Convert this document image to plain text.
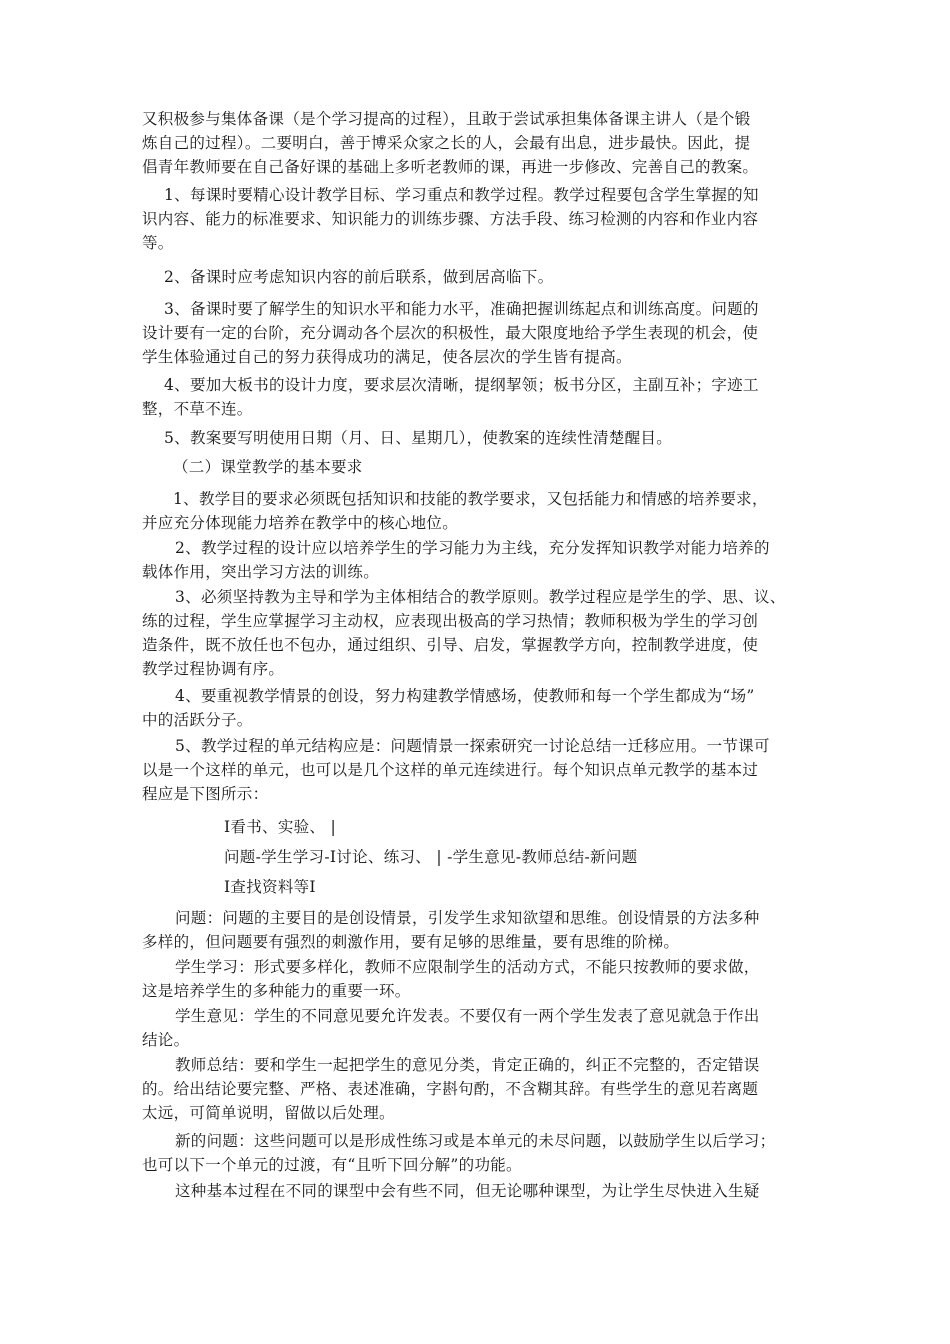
又积极参与集体备课（是个学习提高的过程），且敢于尝试承担集体备课主讲人（是个锻
炼自己的过程）。二要明白，善于博采众家之长的人，会最有出息，进步最快。因此，提
倡青年教师要在自己备好课的基础上多听老教师的课，再进一步修改、完善自己的教案。
1、每课时要精心设计教学目标、学习重点和教学过程。教学过程要包含学生掌握的知
识内容、能力的标准要求、知识能力的训练步骤、方法手段、练习检测的内容和作业内容
等。
2、备课时应考虑知识内容的前后联系，做到居高临下。
3、备课时要了解学生的知识水平和能力水平，准确把握训练起点和训练高度。问题的
设计要有一定的台阶，充分调动各个层次的积极性，最大限度地给予学生表现的机会，使
学生体验通过自己的努力获得成功的满足，使各层次的学生皆有提高。
4、要加大板书的设计力度，要求层次清晰，提纲挈领；板书分区，主副互补；字迹工
整，不草不连。
5、教案要写明使用日期（月、日、星期几），使教案的连续性清楚醒目。
（二）课堂教学的基本要求
1、教学目的要求必须既包括知识和技能的教学要求，又包括能力和情感的培养要求，
并应充分体现能力培养在教学中的核心地位。
2、教学过程的设计应以培养学生的学习能力为主线，充分发挥知识教学对能力培养的
载体作用，突出学习方法的训练。
3、必须坚持教为主导和学为主体相结合的教学原则。教学过程应是学生的学、思、议、
练的过程，学生应掌握学习主动权，应表现出极高的学习热情；教师积极为学生的学习创
造条件，既不放任也不包办，通过组织、引导、启发，掌握教学方向，控制教学进度，使
教学过程协调有序。
4、要重视教学情景的创设，努力构建教学情感场，使教师和每一个学生都成为“场”
中的活跃分子。
5、教学过程的单元结构应是：问题情景一探索研究一讨论总结一迁移应用。一节课可
以是一个这样的单元，也可以是几个这样的单元连续进行。每个知识点单元教学的基本过
程应是下图所示：
I看书、实验、 |
问题-学生学习-I讨论、练习、 | -学生意见-教师总结-新问题
I查找资料等I
问题：问题的主要目的是创设情景，引发学生求知欲望和思维。创设情景的方法多种
多样的，但问题要有强烈的刺激作用，要有足够的思维量，要有思维的阶梯。
学生学习：形式要多样化，教师不应限制学生的活动方式，不能只按教师的要求做，
这是培养学生的多种能力的重要一环。
学生意见：学生的不同意见要允许发表。不要仅有一两个学生发表了意见就急于作出
结论。
教师总结：要和学生一起把学生的意见分类，肯定正确的，纠正不完整的，否定错误
的。给出结论要完整、严格、表述准确，字斟句酌，不含糊其辞。有些学生的意见若离题
太远，可简单说明，留做以后处理。
新的问题：这些问题可以是形成性练习或是本单元的未尽问题，以鼓励学生以后学习；
也可以下一个单元的过渡，有“且听下回分解”的功能。
这种基本过程在不同的课型中会有些不同，但无论哪种课型，为让学生尽快进入生疑
